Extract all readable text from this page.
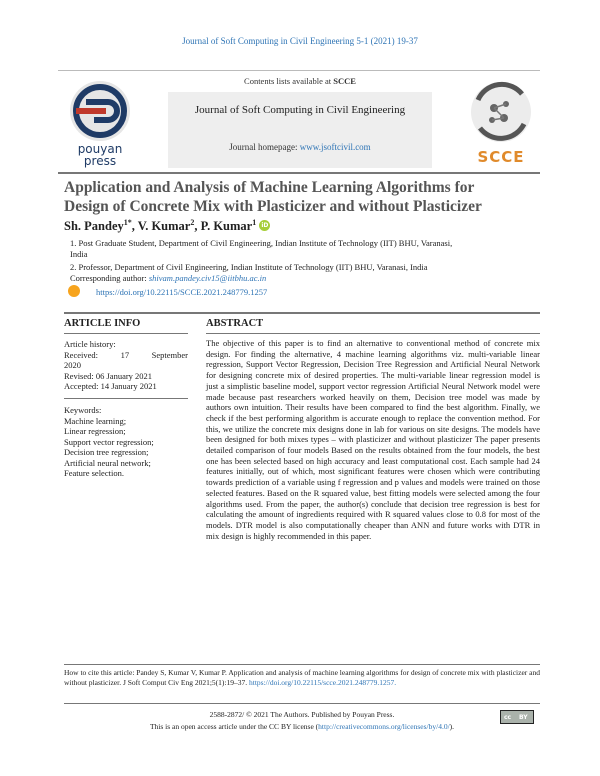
Journal of Soft Computing in Civil Engineering 5-1 (2021) 19-37
Contents lists available at SCCE
Journal of Soft Computing in Civil Engineering
Journal homepage: www.jsoftcivil.com
pouyan
press	SCCE
Application and Analysis of Machine Learning Algorithms for
Design of Concrete Mix with Plasticizer and without Plasticizer
Sh. Pandey$^{1*}$, V. Kumar$^2$, P. Kumar$^1$ iD
1. Post Graduate Student, Department of Civil Engineering, Indian Institute of Technology (IIT) BHU, Varanasi,
India
2. Professor, Department of Civil Engineering, Indian Institute of Technology (IIT) BHU, Varanasi, India
Corresponding author: shivam.pandey.civ15@iitbhu.ac.in
https://doi.org/10.22115/SCCE.2021.248779.1257
ARTICLE INFO	ABSTRACT
Article history:
Received:	17	September
2020
Revised: 06 January 2021
Accepted: 14 January 2021
Keywords:
Machine learning;
Linear regression;
Support vector regression;
Decision tree regression;
Artificial neural network;
Feature selection.
The objective of this paper is to find an alternative to conventional method of concrete mix design. For finding the alternative, 4 machine learning algorithms viz. multi-variable linear regression, Support Vector Regression, Decision Tree Regression and Artificial Neural Network for designing concrete mix of desired properties. The multi-variable linear regression model is just a simplistic baseline model, support vector regression Artificial Neural Network model were made because past researchers worked heavily on them, Decision tree model was made by authors own intuition. Their results have been compared to find the best algorithm. Finally, we check if the best performing algorithm is accurate enough to replace the convention method. For this, we utilize the concrete mix designs done in lab for various on site designs. The models have been designed for both mixes types – with plasticizer and without plasticizer The paper presents detailed comparison of four models Based on the results obtained from the four models, the best one has been selected based on high accuracy and least computational cost. Each sample had 24 features initially, out of which, most significant features were chosen which were contributing towards prediction of a variable using f regression and p values and models were trained on those selected features. Based on the R squared value, best fitting models were selected among the four algorithms used. From the paper, the author(s) conclude that decision tree regression is best for calculating the amount of ingredients required with R squared values close to 0.8 for most of the models. DTR model is also computationally cheaper than ANN and future works with DTR in mix design is highly recommended in this paper.
How to cite this article: Pandey S, Kumar V, Kumar P. Application and analysis of machine learning algorithms for design of concrete mix with plasticizer and without plasticizer. J Soft Comput Civ Eng 2021;5(1):19–37. https://doi.org/10.22115/scce.2021.248779.1257.
2588-2872/ © 2021 The Authors. Published by Pouyan Press.
This is an open access article under the CC BY license (http://creativecommons.org/licenses/by/4.0/).
cc BY
